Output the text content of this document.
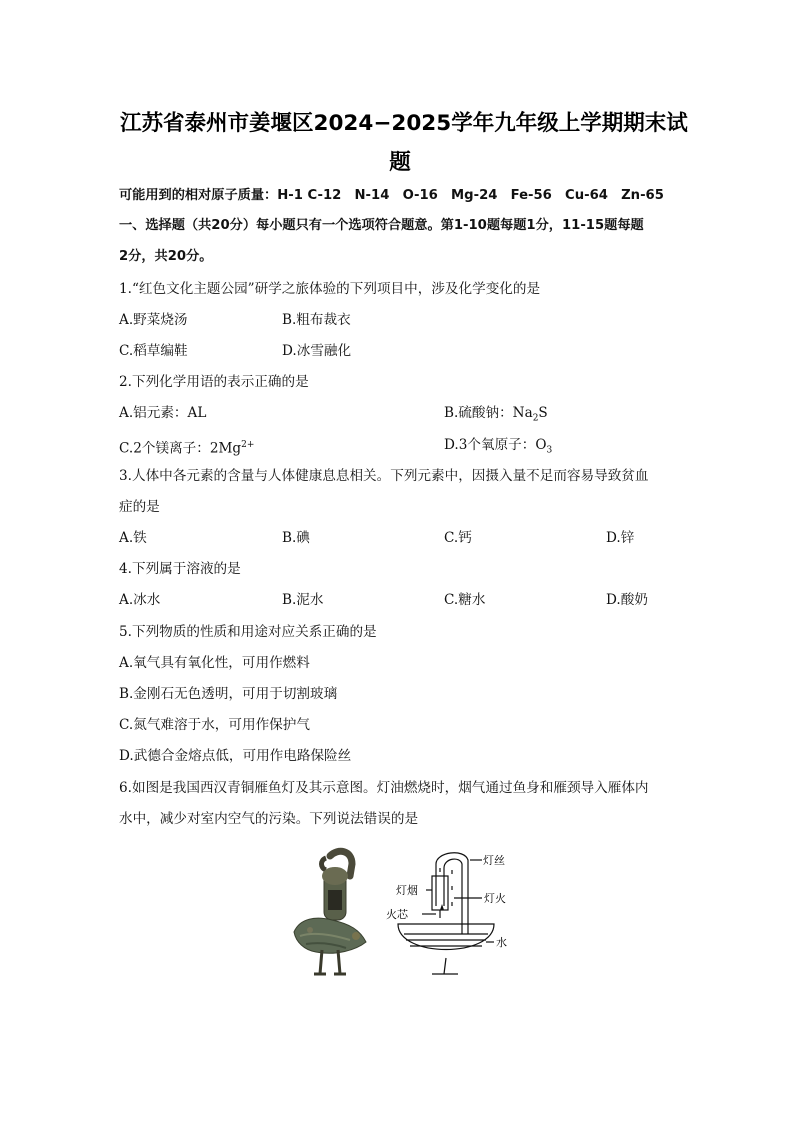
江苏省泰州市姜堰区2024−2025学年九年级上学期期末试
题
可能用到的相对原子质量：H-1 C-12　N-14　O-16　Mg-24　Fe-56　Cu-64　Zn-65
一、选择题（共20分）每小题只有一个选项符合题意。第1-10题每题1分，11-15题每题
2分，共20分。
1.“红色文化主题公园”研学之旅体验的下列项目中，涉及化学变化的是
A.野菜烧汤	B.粗布裁衣
C.稻草编鞋	D.冰雪融化
2.下列化学用语的表示正确的是
A.铝元素：AL	B.硫酸钠：$Na_2S$
C.2个镁离子：$2Mg^{2+}$	D.3个氧原子：$O_3$
3.人体中各元素的含量与人体健康息息相关。下列元素中，因摄入量不足而容易导致贫血
症的是
A.铁	B.碘	C.钙	D.锌
4.下列属于溶液的是
A.冰水	B.泥水	C.糖水	D.酸奶
5.下列物质的性质和用途对应关系正确的是
A.氧气具有氧化性，可用作燃料
B.金刚石无色透明，可用于切割玻璃
C.氮气难溶于水，可用作保护气
D.武德合金熔点低，可用作电路保险丝
6.如图是我国西汉青铜雁鱼灯及其示意图。灯油燃烧时，烟气通过鱼身和雁颈导入雁体内
水中，减少对室内空气的污染。下列说法错误的是
灯丝
灯烟
灯火
火芯
水
